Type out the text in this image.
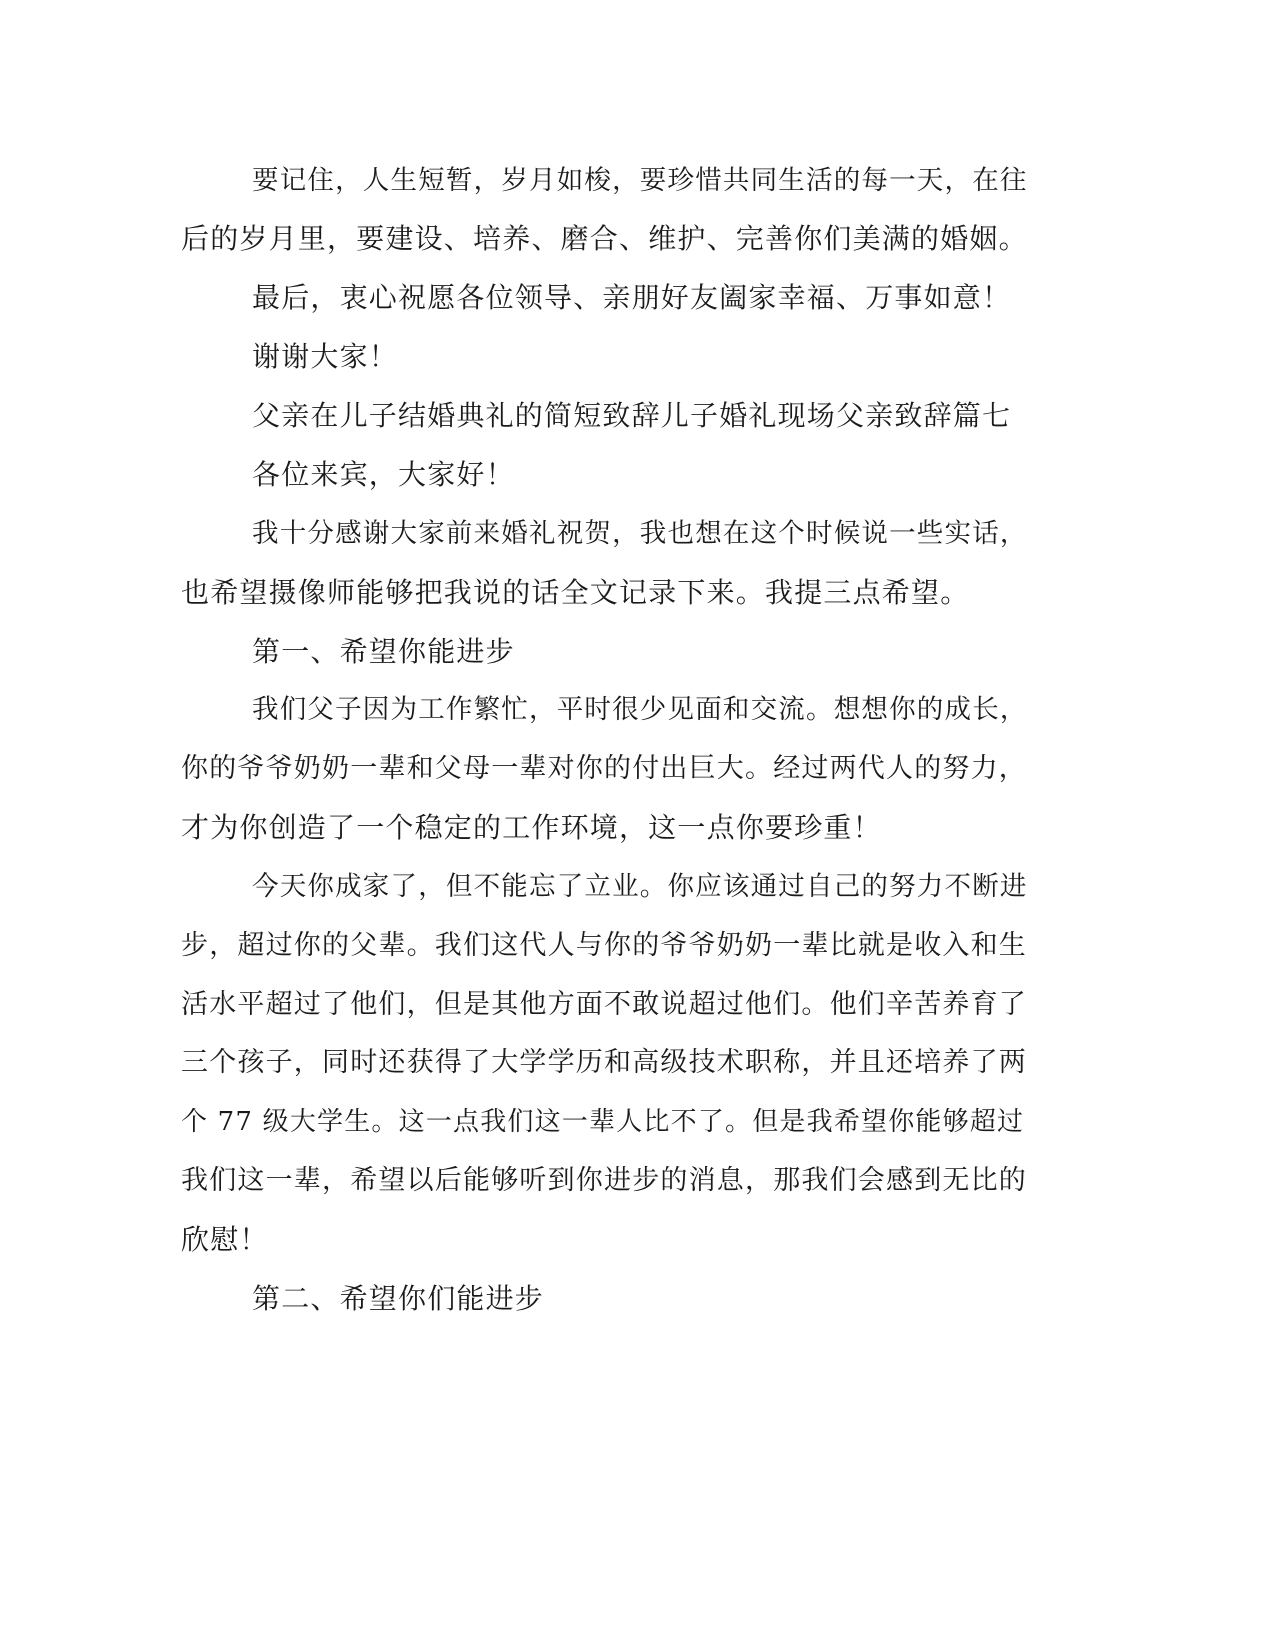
要记住，人生短暂，岁月如梭，要珍惜共同生活的每一天，在往
后的岁月里，要建设、培养、磨合、维护、完善你们美满的婚姻。
最后，衷心祝愿各位领导、亲朋好友阖家幸福、万事如意！
谢谢大家！
父亲在儿子结婚典礼的简短致辞儿子婚礼现场父亲致辞篇七
各位来宾，大家好！
我十分感谢大家前来婚礼祝贺，我也想在这个时候说一些实话，
也希望摄像师能够把我说的话全文记录下来。我提三点希望。
第一、希望你能进步
我们父子因为工作繁忙，平时很少见面和交流。想想你的成长，
你的爷爷奶奶一辈和父母一辈对你的付出巨大。经过两代人的努力，
才为你创造了一个稳定的工作环境，这一点你要珍重！
今天你成家了，但不能忘了立业。你应该通过自己的努力不断进
步，超过你的父辈。我们这代人与你的爷爷奶奶一辈比就是收入和生
活水平超过了他们，但是其他方面不敢说超过他们。他们辛苦养育了
三个孩子，同时还获得了大学学历和高级技术职称，并且还培养了两
个 77 级大学生。这一点我们这一辈人比不了。但是我希望你能够超过
我们这一辈，希望以后能够听到你进步的消息，那我们会感到无比的
欣慰！
第二、希望你们能进步
